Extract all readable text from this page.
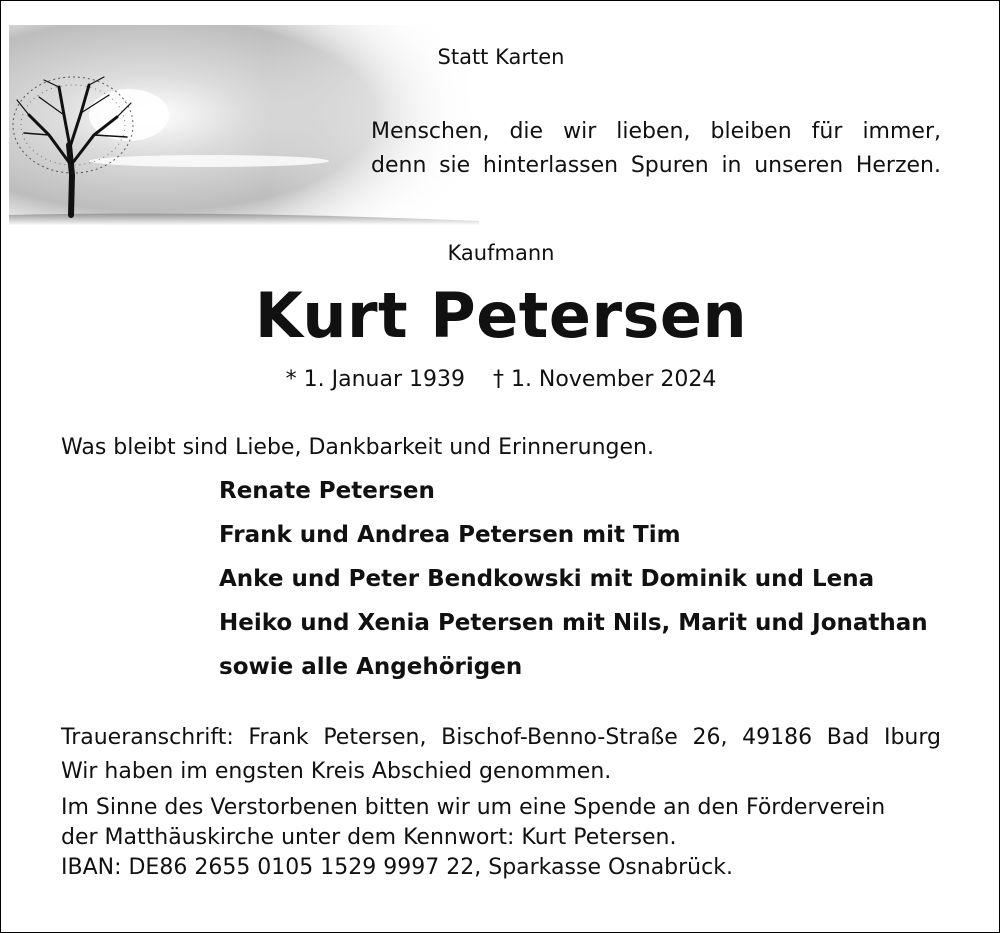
Statt Karten
Menschen, die wir lieben, bleiben für immer,
denn sie hinterlassen Spuren in unseren Herzen.
Kaufmann
Kurt Petersen
* 1. Januar 1939    † 1. November 2024
Was bleibt sind Liebe, Dankbarkeit und Erinnerungen.
Renate Petersen
Frank und Andrea Petersen mit Tim
Anke und Peter Bendkowski mit Dominik und Lena
Heiko und Xenia Petersen mit Nils, Marit und Jonathan
sowie alle Angehörigen
Traueranschrift: Frank Petersen, Bischof-Benno-Straße 26, 49186 Bad Iburg
Wir haben im engsten Kreis Abschied genommen.
Im Sinne des Verstorbenen bitten wir um eine Spende an den Förderverein
der Matthäuskirche unter dem Kennwort: Kurt Petersen.
IBAN: DE86 2655 0105 1529 9997 22, Sparkasse Osnabrück.
